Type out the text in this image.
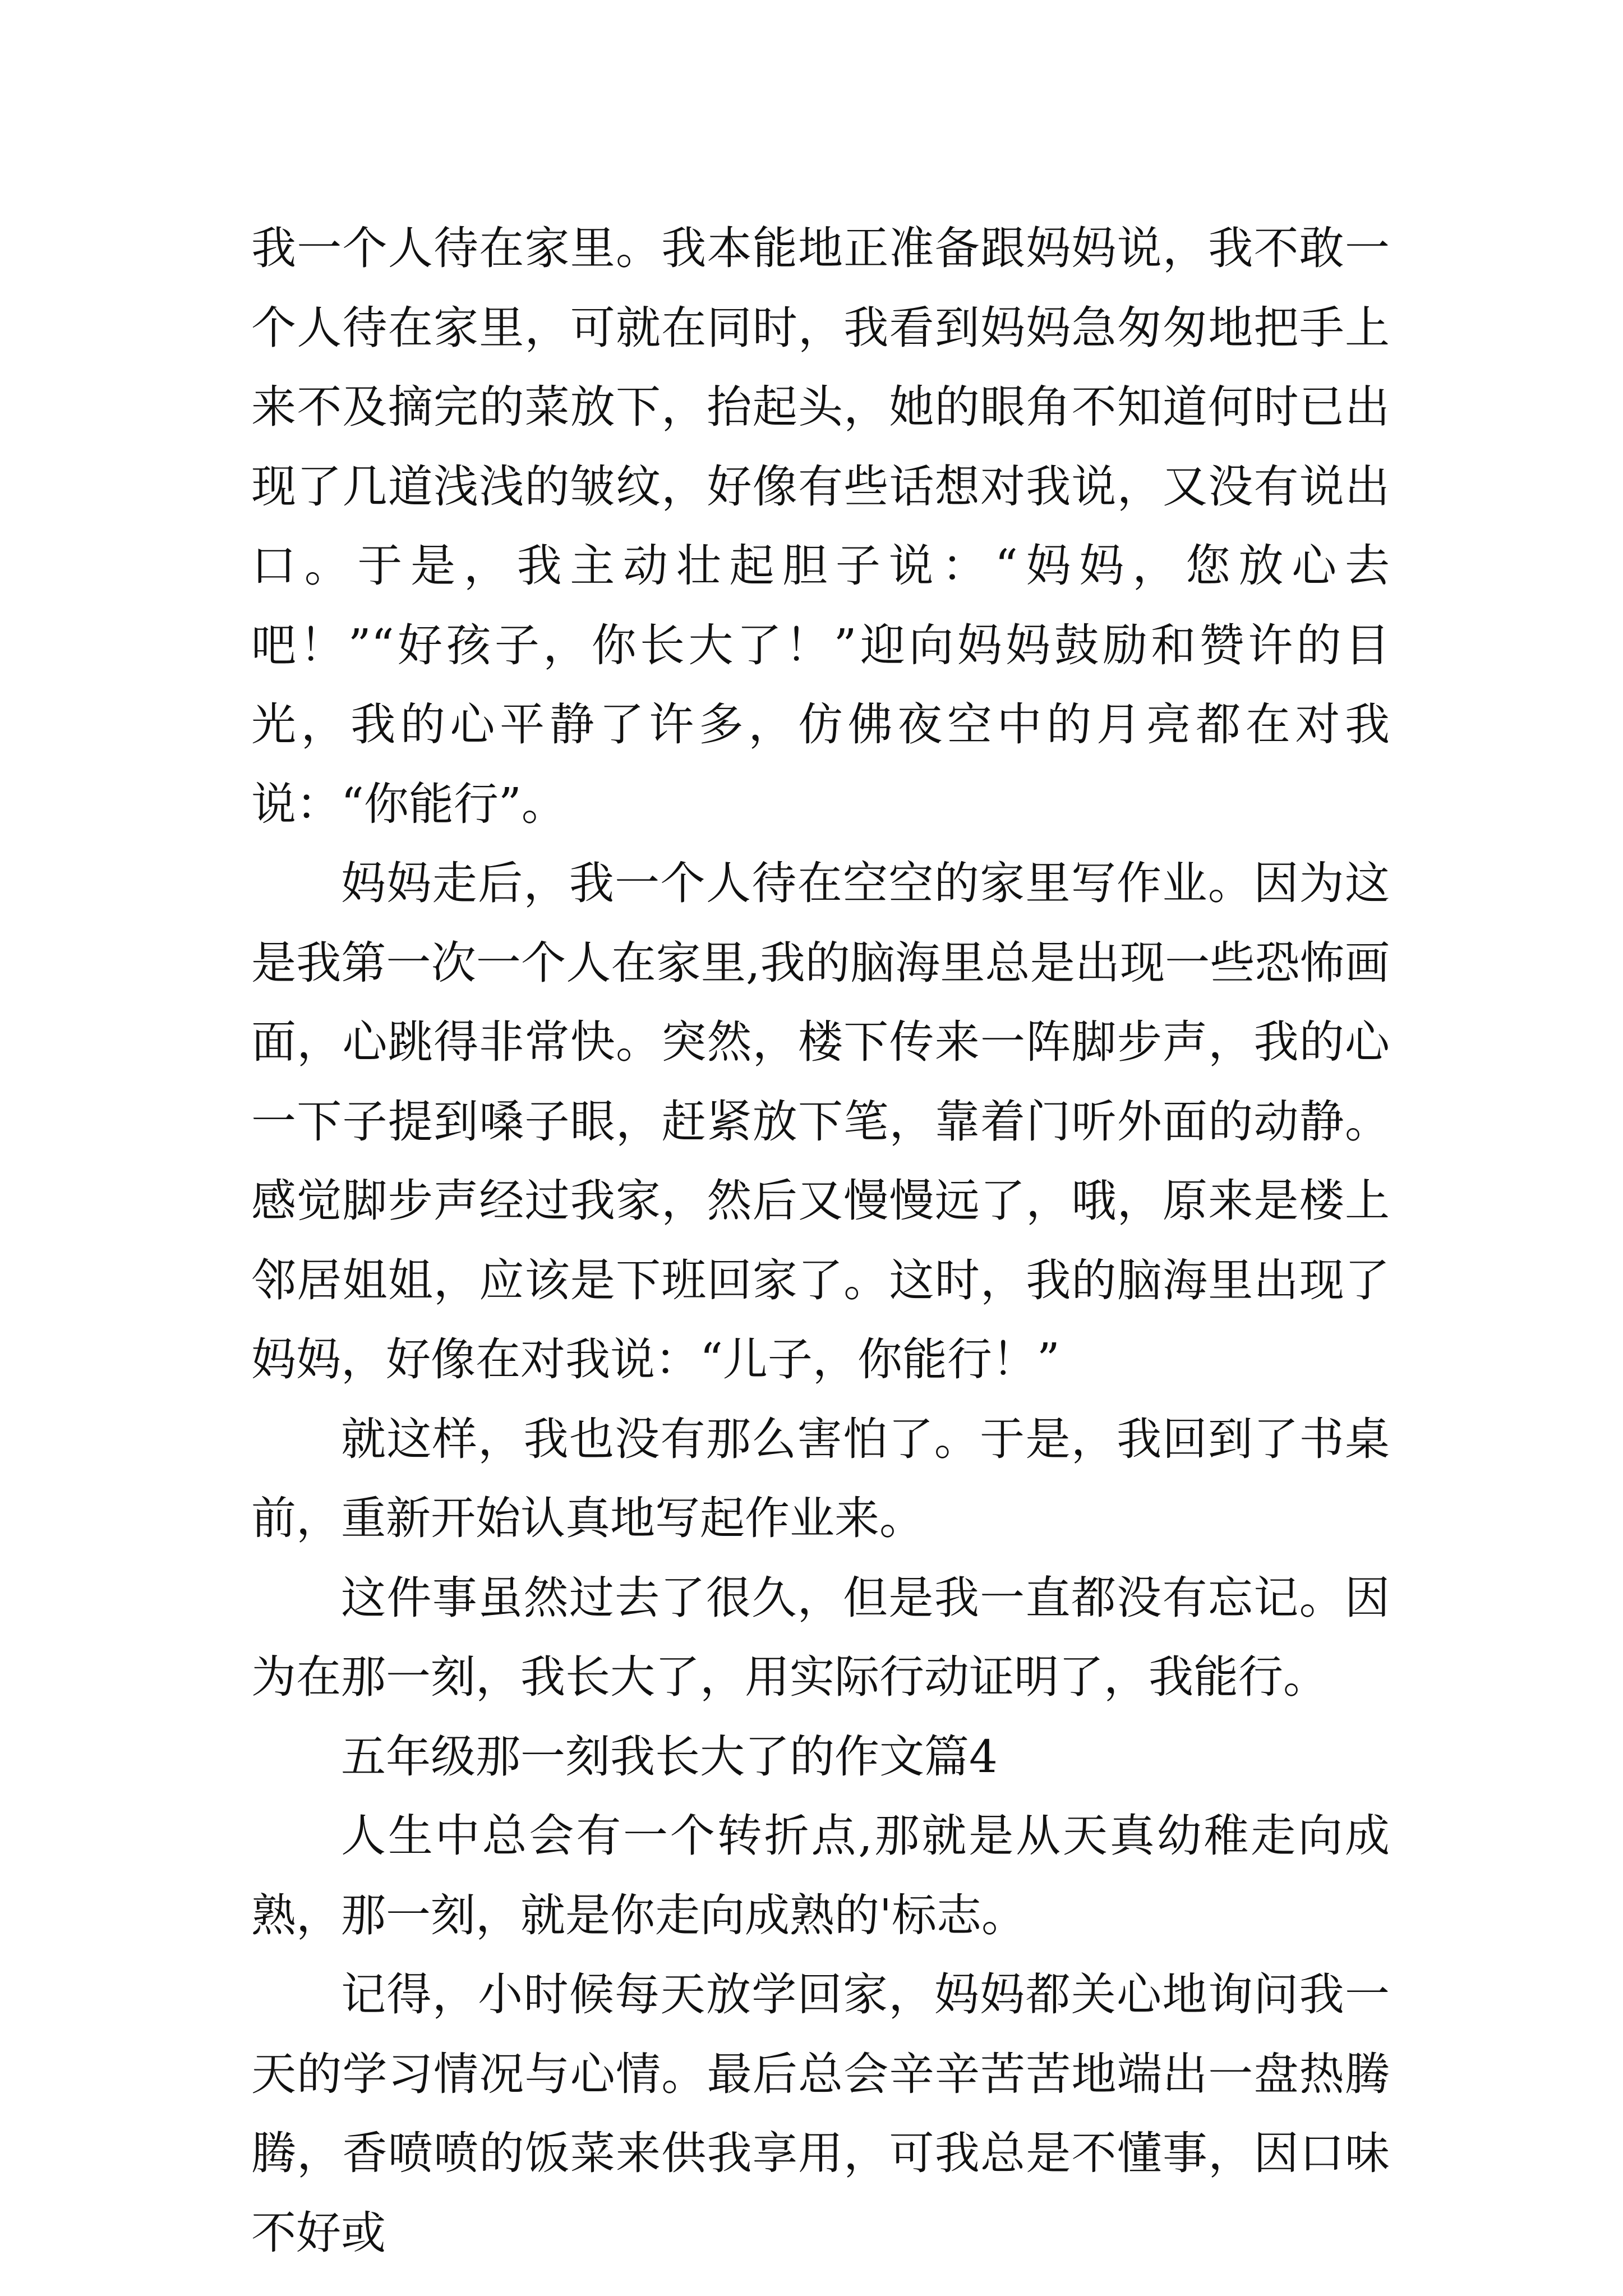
我一个人待在家里。我本能地正准备跟妈妈说，我不敢一个人待在家里，可就在同时，我看到妈妈急匆匆地把手上来不及摘完的菜放下，抬起头，她的眼角不知道何时已出现了几道浅浅的皱纹，好像有些话想对我说，又没有说出口。于是，我主动壮起胆子说：“妈妈，您放心去吧！”“好孩子，你长大了！”迎向妈妈鼓励和赞许的目光，我的心平静了许多，仿佛夜空中的月亮都在对我说：“你能行”。

妈妈走后，我一个人待在空空的家里写作业。因为这是我第一次一个人在家里,我的脑海里总是出现一些恐怖画面，心跳得非常快。突然，楼下传来一阵脚步声，我的心一下子提到嗓子眼，赶紧放下笔，靠着门听外面的动静。感觉脚步声经过我家，然后又慢慢远了，哦，原来是楼上邻居姐姐，应该是下班回家了。这时，我的脑海里出现了妈妈，好像在对我说：“儿子，你能行！”

就这样，我也没有那么害怕了。于是，我回到了书桌前，重新开始认真地写起作业来。

这件事虽然过去了很久，但是我一直都没有忘记。因为在那一刻，我长大了，用实际行动证明了，我能行。

五年级那一刻我长大了的作文篇4

人生中总会有一个转折点,那就是从天真幼稚走向成熟，那一刻，就是你走向成熟的'标志。

记得，小时候每天放学回家，妈妈都关心地询问我一天的学习情况与心情。最后总会辛辛苦苦地端出一盘热腾腾，香喷喷的饭菜来供我享用，可我总是不懂事，因口味不好或
